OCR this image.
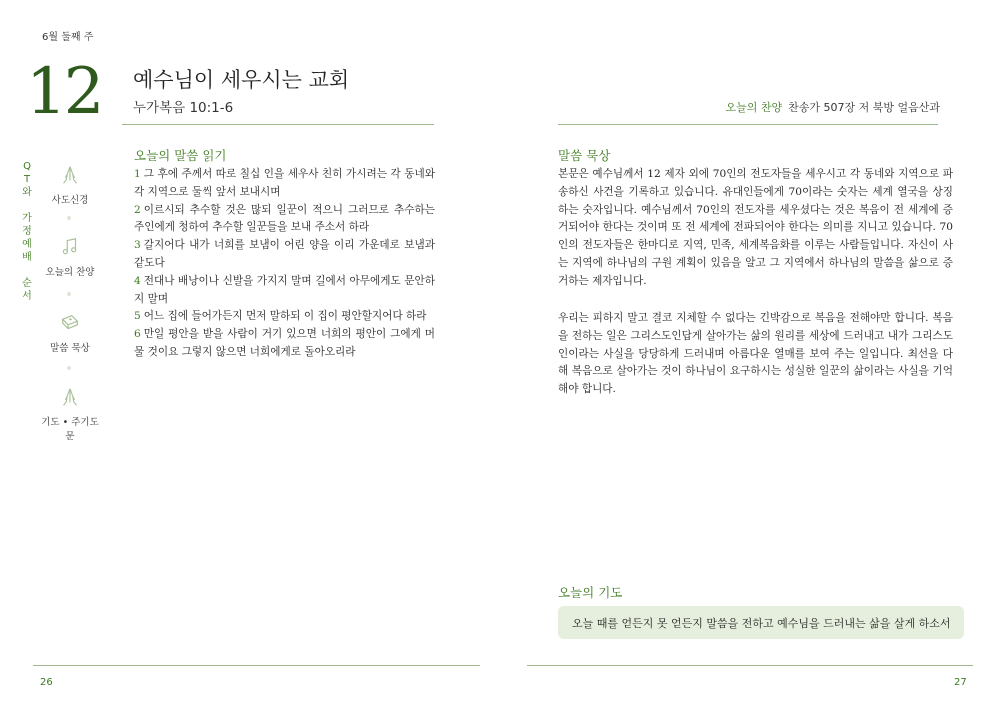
6월 둘째 주
12 예수님이 세우시는 교회
누가복음 10:1-6	오늘의 찬양 찬송가 507장 저 북방 얼음산과
Q
T
와
가
정
예
배
순
서
사도신경
오늘의 찬양
말씀 묵상
기도 • 주기도문
오늘의 말씀 읽기
1 그 후에 주께서 따로 칠십 인을 세우사 친히 가시려는 각 동네와 각 지역으로 둘씩 앞서 보내시며
2 이르시되 추수할 것은 많되 일꾼이 적으니 그러므로 추수하는 주인에게 청하여 추수할 일꾼들을 보내 주소서 하라
3 갈지어다 내가 너희를 보냄이 어린 양을 이리 가운데로 보냄과 같도다
4 전대나 배낭이나 신발을 가지지 말며 길에서 아무에게도 문안하지 말며
5 어느 집에 들어가든지 먼저 말하되 이 집이 평안할지어다 하라
6 만일 평안을 받을 사람이 거기 있으면 너희의 평안이 그에게 머물 것이요 그렇지 않으면 너희에게로 돌아오리라
말씀 묵상
본문은 예수님께서 12 제자 외에 70인의 전도자들을 세우시고 각 동네와 지역으로 파송하신 사건을 기록하고 있습니다. 유대인들에게 70이라는 숫자는 세계 열국을 상징하는 숫자입니다. 예수님께서 70인의 전도자를 세우셨다는 것은 복음이 전 세계에 증거되어야 한다는 것이며 또 전 세계에 전파되어야 한다는 의미를 지니고 있습니다. 70인의 전도자들은 한마디로 지역, 민족, 세계복음화를 이루는 사람들입니다. 자신이 사는 지역에 하나님의 구원 계획이 있음을 알고 그 지역에서 하나님의 말씀을 삶으로 증거하는 제자입니다.
우리는 피하지 말고 결코 지체할 수 없다는 긴박감으로 복음을 전해야만 합니다. 복음을 전하는 일은 그리스도인답게 살아가는 삶의 원리를 세상에 드러내고 내가 그리스도인이라는 사실을 당당하게 드러내며 아름다운 열매를 보여 주는 일입니다. 최선을 다해 복음으로 살아가는 것이 하나님이 요구하시는 성실한 일꾼의 삶이라는 사실을 기억해야 합니다.
오늘의 기도
오늘 때를 얻든지 못 얻든지 말씀을 전하고 예수님을 드러내는 삶을 살게 하소서
26	27
